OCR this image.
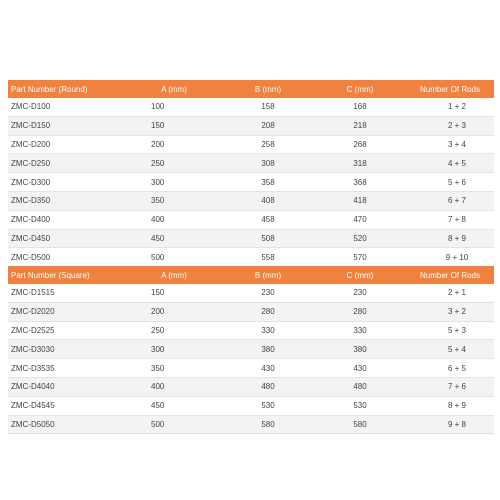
Part Number (Round)	A (mm)	B (mm)	C (mm)	Number Of Rods
ZMC-D100	100	158	168	1 + 2
ZMC-D150	150	208	218	2 + 3
ZMC-D200	200	258	268	3 + 4
ZMC-D250	250	308	318	4 + 5
ZMC-D300	300	358	368	5 + 6
ZMC-D350	350	408	418	6 + 7
ZMC-D400	400	458	470	7 + 8
ZMC-D450	450	508	520	8 + 9
ZMC-D500	500	558	570	9 + 10
Part Number (Square)	A (mm)	B (mm)	C (mm)	Number Of Rods
ZMC-D1515	150	230	230	2 + 1
ZMC-D2020	200	280	280	3 + 2
ZMC-D2525	250	330	330	5 + 3
ZMC-D3030	300	380	380	5 + 4
ZMC-D3535	350	430	430	6 + 5
ZMC-D4040	400	480	480	7 + 6
ZMC-D4545	450	530	530	8 + 9
ZMC-D5050	500	580	580	9 + 8
